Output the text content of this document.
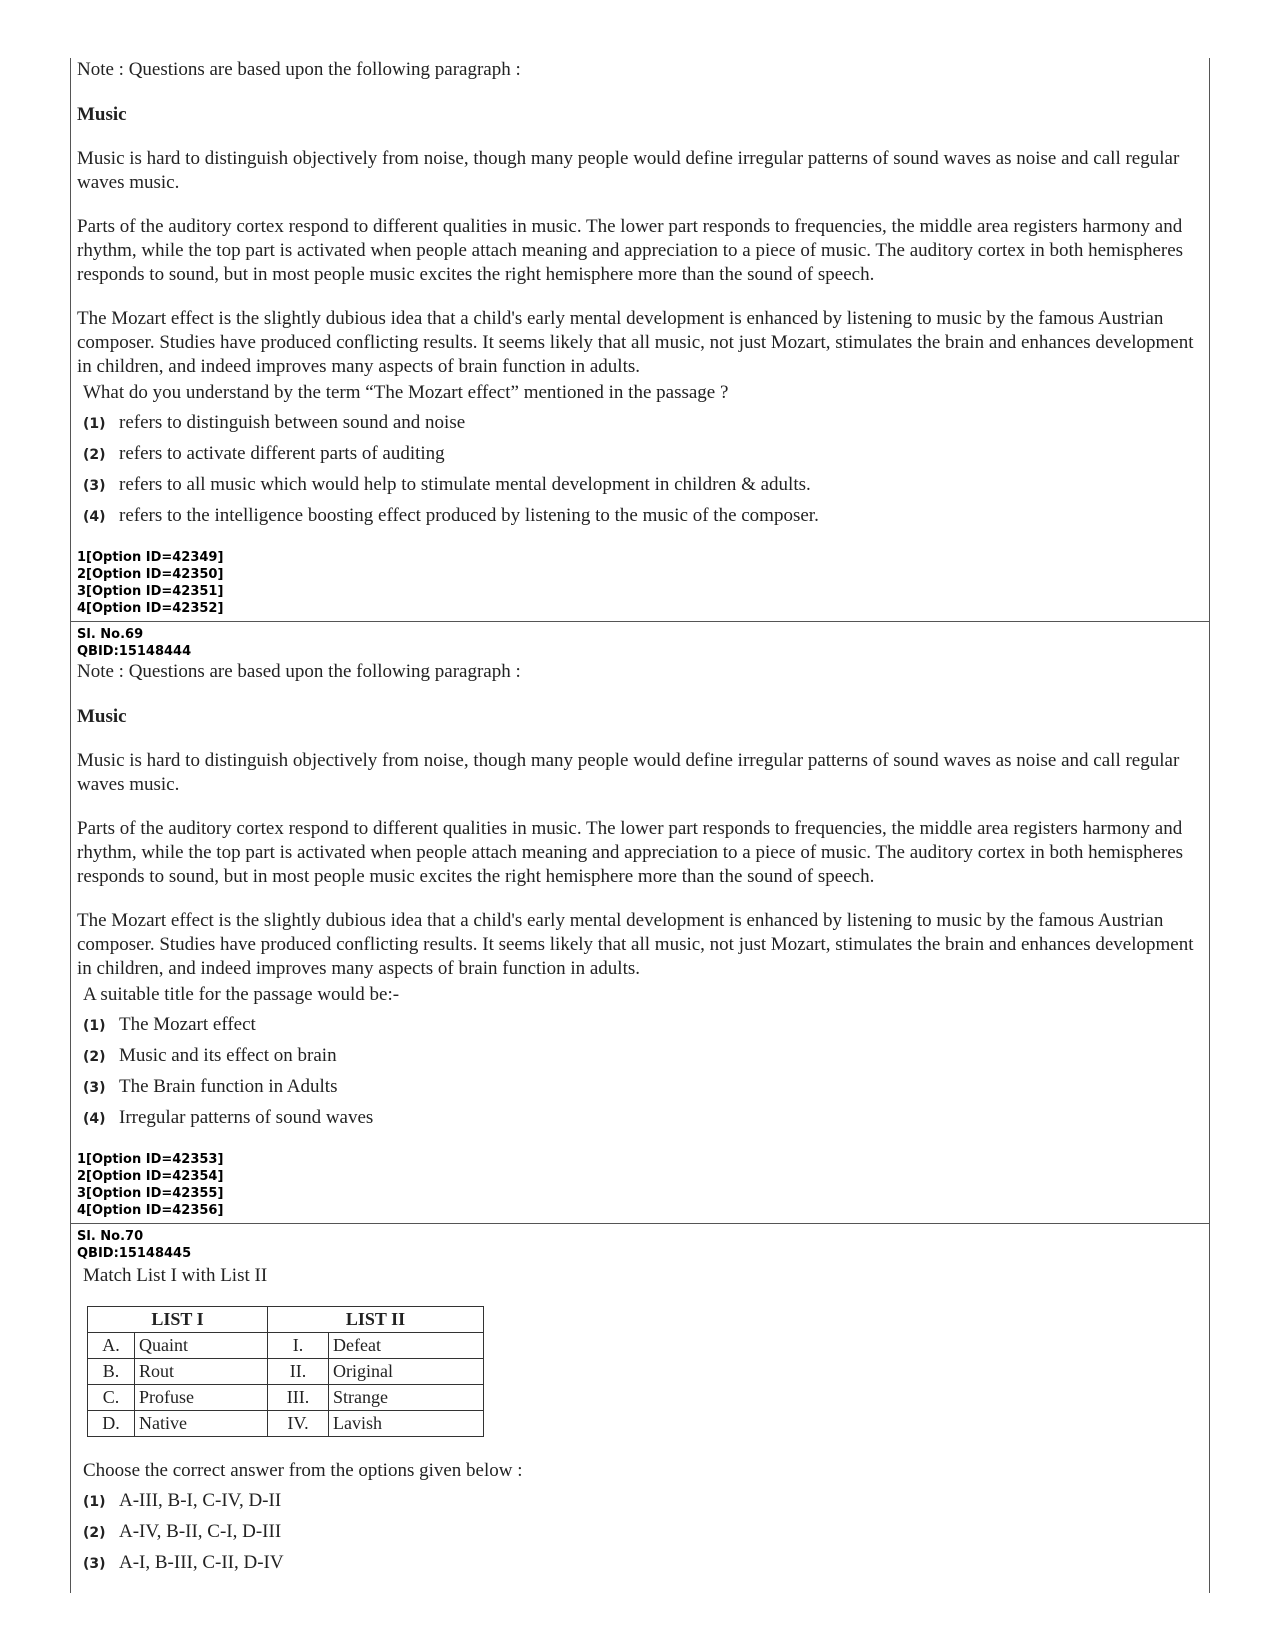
Note : Questions are based upon the following paragraph :

Music

Music is hard to distinguish objectively from noise, though many people would define irregular patterns of sound waves as noise and call regular waves music.

Parts of the auditory cortex respond to different qualities in music. The lower part responds to frequencies, the middle area registers harmony and rhythm, while the top part is activated when people attach meaning and appreciation to a piece of music. The auditory cortex in both hemispheres responds to sound, but in most people music excites the right hemisphere more than the sound of speech.

The Mozart effect is the slightly dubious idea that a child's early mental development is enhanced by listening to music by the famous Austrian composer. Studies have produced conflicting results. It seems likely that all music, not just Mozart, stimulates the brain and enhances development in children, and indeed improves many aspects of brain function in adults.

What do you understand by the term “The Mozart effect” mentioned in the passage ?

(1) refers to distinguish between sound and noise
(2) refers to activate different parts of auditing
(3) refers to all music which would help to stimulate mental development in children & adults.
(4) refers to the intelligence boosting effect produced by listening to the music of the composer.
1[Option ID=42349]
2[Option ID=42350]
3[Option ID=42351]
4[Option ID=42352]
Sl. No.69
QBID:15148444

Note : Questions are based upon the following paragraph :

Music

Music is hard to distinguish objectively from noise, though many people would define irregular patterns of sound waves as noise and call regular waves music.

Parts of the auditory cortex respond to different qualities in music. The lower part responds to frequencies, the middle area registers harmony and rhythm, while the top part is activated when people attach meaning and appreciation to a piece of music. The auditory cortex in both hemispheres responds to sound, but in most people music excites the right hemisphere more than the sound of speech.

The Mozart effect is the slightly dubious idea that a child's early mental development is enhanced by listening to music by the famous Austrian composer. Studies have produced conflicting results. It seems likely that all music, not just Mozart, stimulates the brain and enhances development in children, and indeed improves many aspects of brain function in adults.

A suitable title for the passage would be:-

(1) The Mozart effect
(2) Music and its effect on brain
(3) The Brain function in Adults
(4) Irregular patterns of sound waves
1[Option ID=42353]
2[Option ID=42354]
3[Option ID=42355]
4[Option ID=42356]
Sl. No.70
QBID:15148445

Match List I with List II

LIST I		LIST II	
A.	Quaint	I.	Defeat
B.	Rout	II.	Original
C.	Profuse	III.	Strange
D.	Native	IV.	Lavish

Choose the correct answer from the options given below :

(1) A-III, B-I, C-IV, D-II
(2) A-IV, B-II, C-I, D-III
(3) A-I, B-III, C-II, D-IV
